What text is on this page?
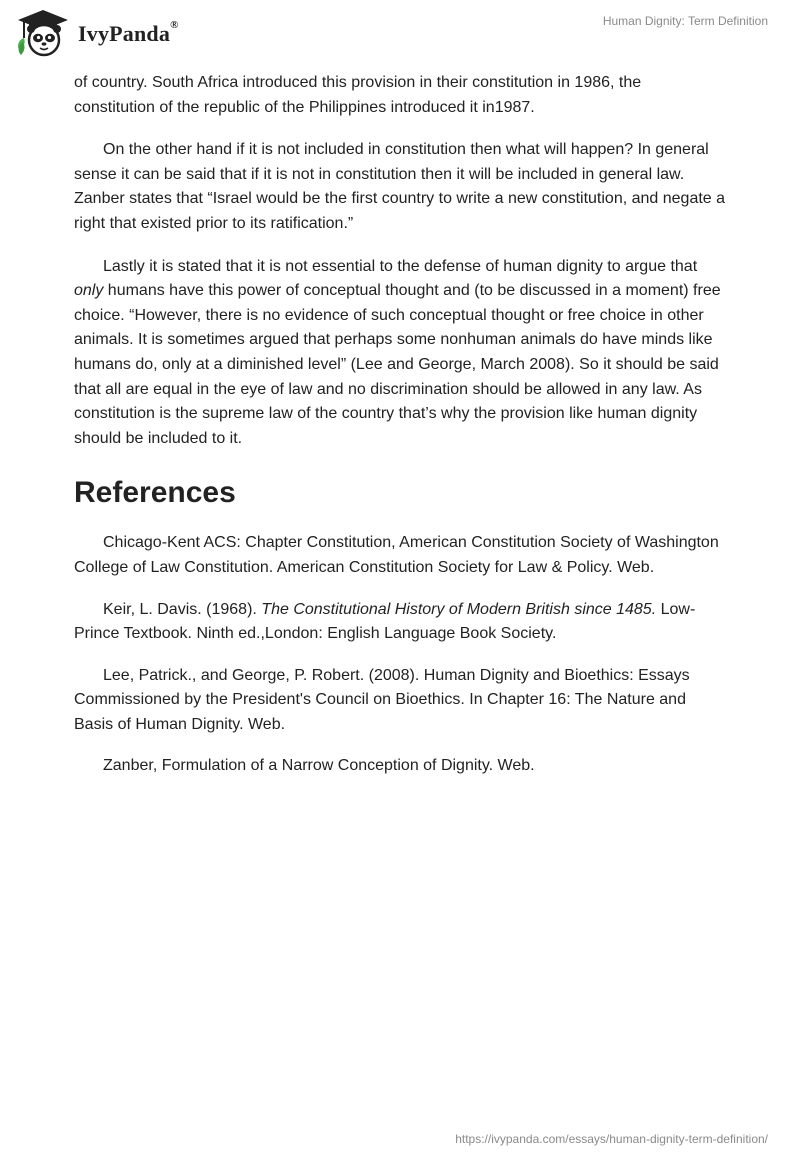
IvyPanda®	Human Dignity: Term Definition

of country. South Africa introduced this provision in their constitution in 1986, the constitution of the republic of the Philippines introduced it in1987.

On the other hand if it is not included in constitution then what will happen? In general sense it can be said that if it is not in constitution then it will be included in general law. Zanber states that “Israel would be the first country to write a new constitution, and negate a right that existed prior to its ratification.”

Lastly it is stated that it is not essential to the defense of human dignity to argue that only humans have this power of conceptual thought and (to be discussed in a moment) free choice. “However, there is no evidence of such conceptual thought or free choice in other animals. It is sometimes argued that perhaps some nonhuman animals do have minds like humans do, only at a diminished level” (Lee and George, March 2008). So it should be said that all are equal in the eye of law and no discrimination should be allowed in any law. As constitution is the supreme law of the country that’s why the provision like human dignity should be included to it.

References

Chicago-Kent ACS: Chapter Constitution, American Constitution Society of Washington College of Law Constitution. American Constitution Society for Law & Policy. Web.

Keir, L. Davis. (1968). The Constitutional History of Modern British since 1485. Low-Prince Textbook. Ninth ed.,London: English Language Book Society.

Lee, Patrick., and George, P. Robert. (2008). Human Dignity and Bioethics: Essays Commissioned by the President's Council on Bioethics. In Chapter 16: The Nature and Basis of Human Dignity. Web.

Zanber, Formulation of a Narrow Conception of Dignity. Web.

https://ivypanda.com/essays/human-dignity-term-definition/
